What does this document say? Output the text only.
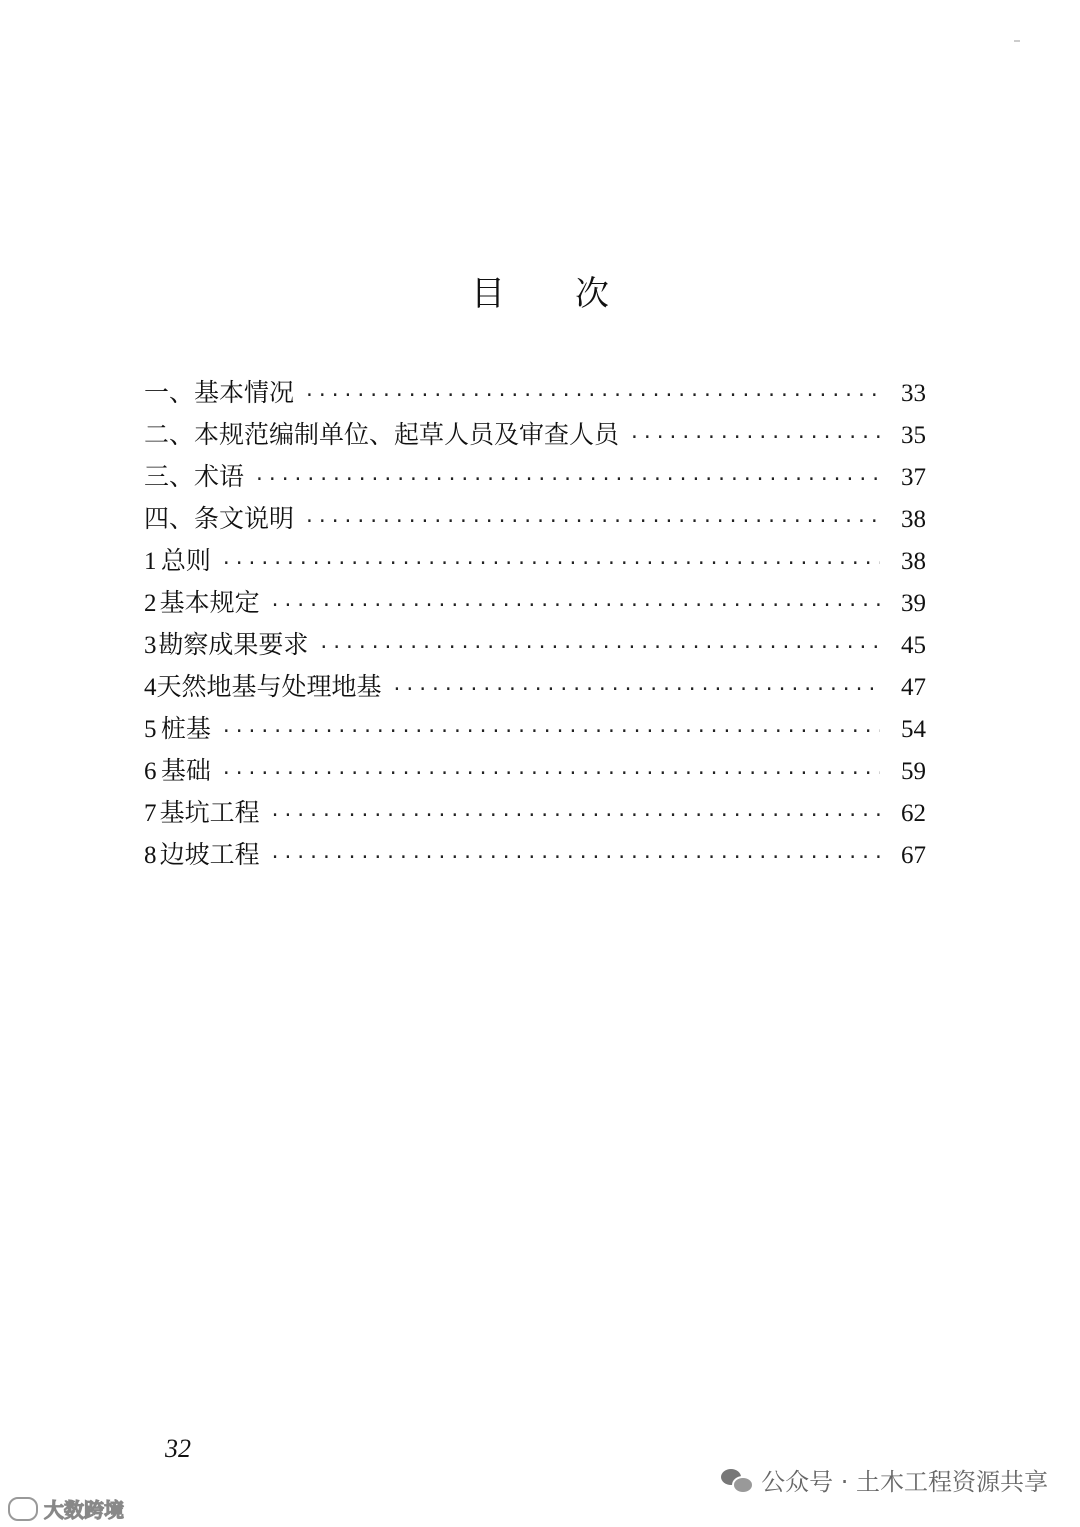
目 次
一、基本情况 ·····	33
二、本规范编制单位、起草人员及审查人员 ·····	35
三、术语 ·····	37
四、条文说明 ·····	38
1 总则 ·····	38
2 基本规定 ·····	39
3 勘察成果要求 ·····	45
4 天然地基与处理地基 ·····	47
5 桩基 ·····	54
6 基础 ·····	59
7 基坑工程 ·····	62
8 边坡工程 ·····	67
32
公众号 · 土木工程资源共享
大数跨境
